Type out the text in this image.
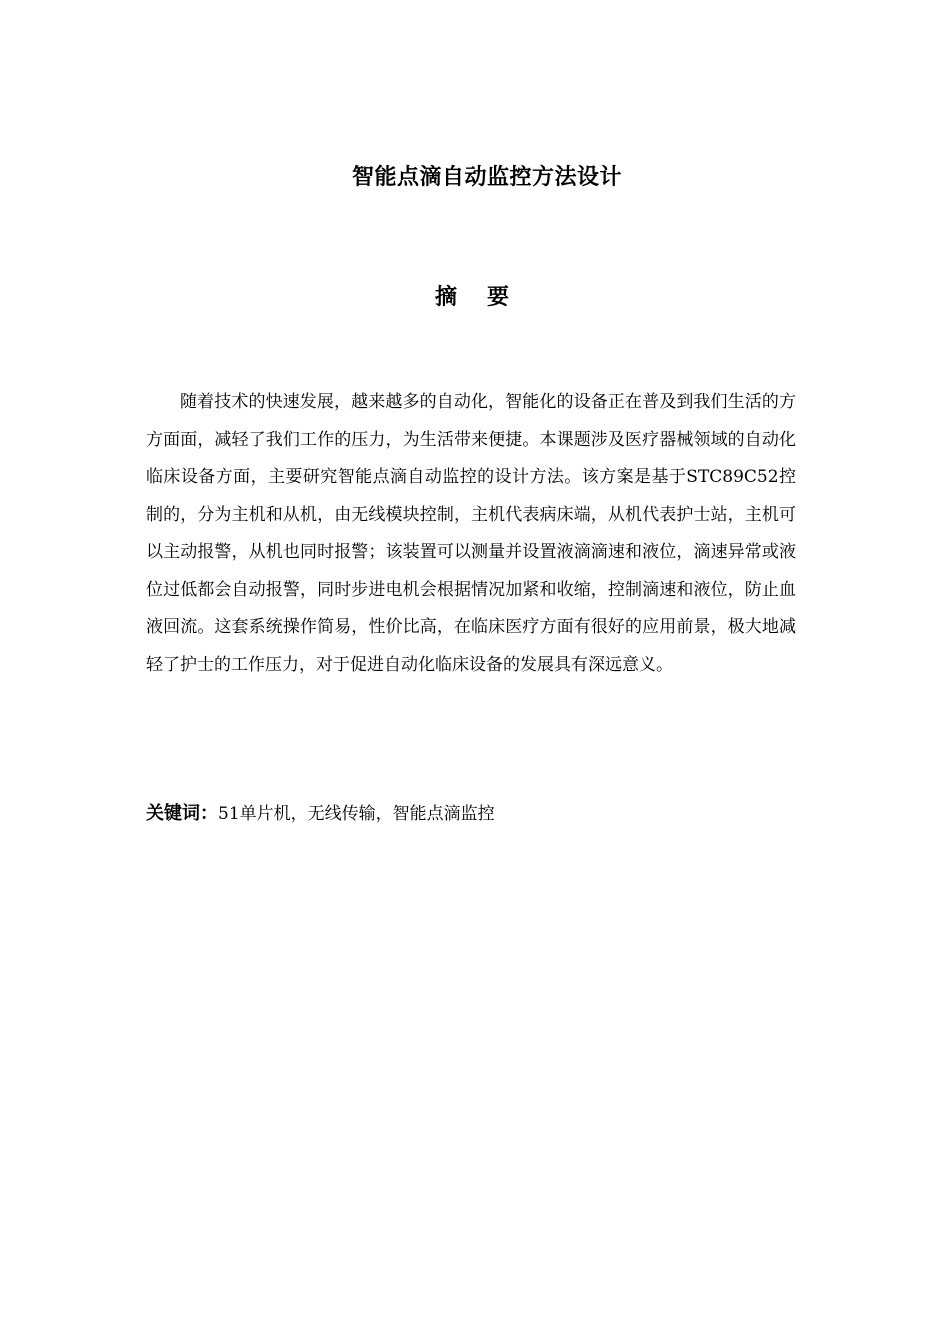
智能点滴自动监控方法设计
摘要

随着技术的快速发展，越来越多的自动化，智能化的设备正在普及到我们生活的方方面面，减轻了我们工作的压力，为生活带来便捷。本课题涉及医疗器械领域的自动化临床设备方面，主要研究智能点滴自动监控的设计方法。该方案是基于STC89C52控制的，分为主机和从机，由无线模块控制，主机代表病床端，从机代表护士站，主机可以主动报警，从机也同时报警；该装置可以测量并设置液滴滴速和液位，滴速异常或液位过低都会自动报警，同时步进电机会根据情况加紧和收缩，控制滴速和液位，防止血液回流。这套系统操作简易，性价比高，在临床医疗方面有很好的应用前景，极大地减轻了护士的工作压力，对于促进自动化临床设备的发展具有深远意义。

关键词：51单片机，无线传输，智能点滴监控
